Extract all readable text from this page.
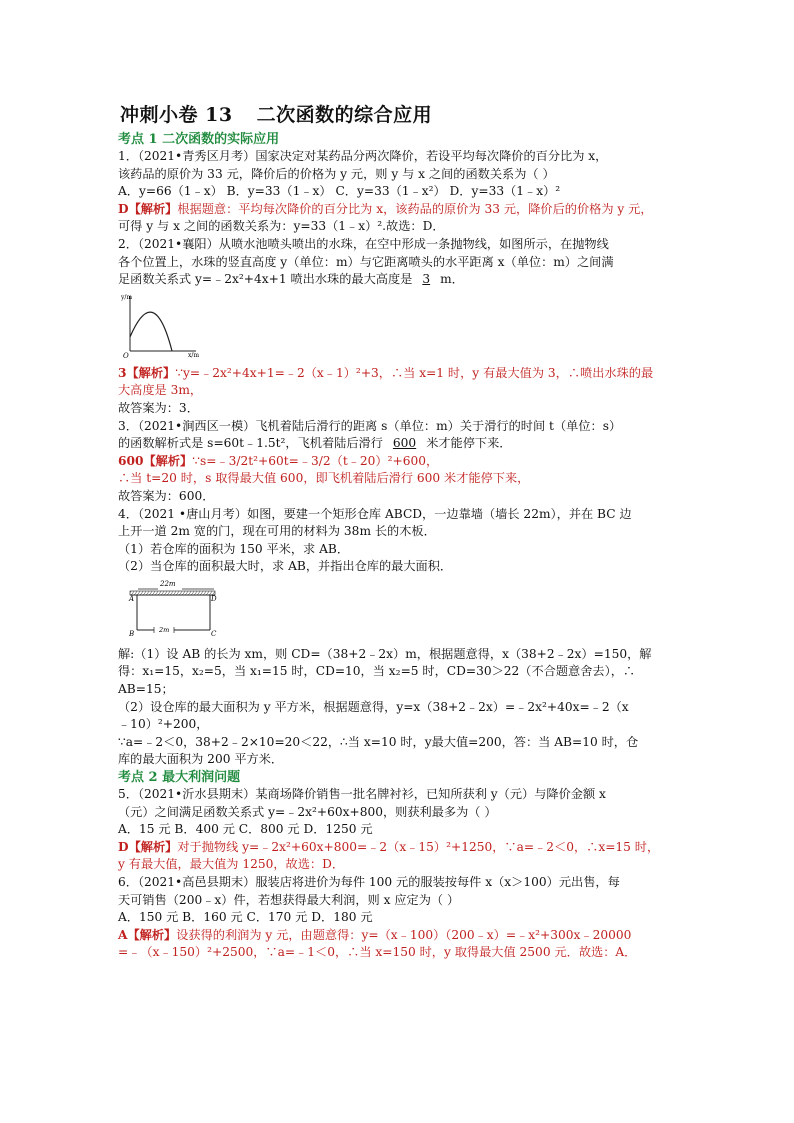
冲刺小卷 13 二次函数的综合应用

考点 1 二次函数的实际应用

1．（2021•青秀区月考）国家决定对某药品分两次降价，若设平均每次降价的百分比为 x，

该药品的原价为 33 元，降价后的价格为 y 元，则 y 与 x 之间的函数关系为（ ）

A．y=66（1﹣x） B．y=33（1﹣x） C．y=33（1﹣x²） D．y=33（1﹣x）²

D【解析】根据题意：平均每次降价的百分比为 x，该药品的原价为 33 元，降价后的价格为 y 元，

可得 y 与 x 之间的函数关系为：y=33（1﹣x）².故选：D．

2．（2021•襄阳）从喷水池喷头喷出的水珠，在空中形成一条抛物线，如图所示，在抛物线

各个位置上，水珠的竖直高度 y（单位：m）与它距离喷头的水平距离 x（单位：m）之间满

足函数关系式 y=﹣2x²+4x+1 喷出水珠的最大高度是 3 m．

y/m
x/m
O

3【解析】∵y=﹣2x²+4x+1=﹣2（x﹣1）²+3，∴当 x=1 时，y 有最大值为 3，∴喷出水珠的最

大高度是 3m，

故答案为：3．

3．（2021•涧西区一模）飞机着陆后滑行的距离 s（单位：m）关于滑行的时间 t（单位：s）

的函数解析式是 s=60t﹣1.5t²，飞机着陆后滑行 600 米才能停下来．

600【解析】∵s=﹣3/2t²+60t=﹣3/2（t﹣20）²+600，

∴当 t=20 时，s 取得最大值 600，即飞机着陆后滑行 600 米才能停下来，

故答案为：600．

4．（2021 •唐山月考）如图，要建一个矩形仓库 ABCD，一边靠墙（墙长 22m），并在 BC 边

上开一道 2m 宽的门，现在可用的材料为 38m 长的木板．

（1）若仓库的面积为 150 平米，求 AB．

（2）当仓库的面积最大时，求 AB，并指出仓库的最大面积．

22m
2m
A	D
B	C

解:（1）设 AB 的长为 xm，则 CD=（38+2﹣2x）m，根据题意得，x（38+2﹣2x）=150，解

得：x₁=15，x₂=5，当 x₁=15 时，CD=10，当 x₂=5 时，CD=30＞22（不合题意舍去），∴

AB=15；

（2）设仓库的最大面积为 y 平方米，根据题意得，y=x（38+2﹣2x）=﹣2x²+40x=﹣2（x

﹣10）²+200，

∵a=﹣2＜0，38+2﹣2×10=20＜22，∴当 x=10 时，y最大值=200，答：当 AB=10 时，仓

库的最大面积为 200 平方米．

考点 2 最大利润问题

5．（2021•沂水县期末）某商场降价销售一批名牌衬衫，已知所获利 y（元）与降价金额 x

（元）之间满足函数关系式 y=﹣2x²+60x+800，则获利最多为（ ）

A．15 元 B．400 元 C．800 元 D．1250 元

D【解析】对于抛物线 y=﹣2x²+60x+800=﹣2（x﹣15）²+1250，∵a=﹣2＜0，∴x=15 时，

y 有最大值，最大值为 1250，故选：D．

6．（2021•高邑县期末）服装店将进价为每件 100 元的服装按每件 x（x＞100）元出售，每

天可销售（200﹣x）件，若想获得最大利润，则 x 应定为（ ）

A．150 元 B．160 元 C．170 元 D．180 元

A【解析】设获得的利润为 y 元，由题意得：y=（x﹣100）（200﹣x）=﹣x²+300x﹣20000

=﹣（x﹣150）²+2500，∵a=﹣1＜0，∴当 x=150 时，y 取得最大值 2500 元．故选：A．
